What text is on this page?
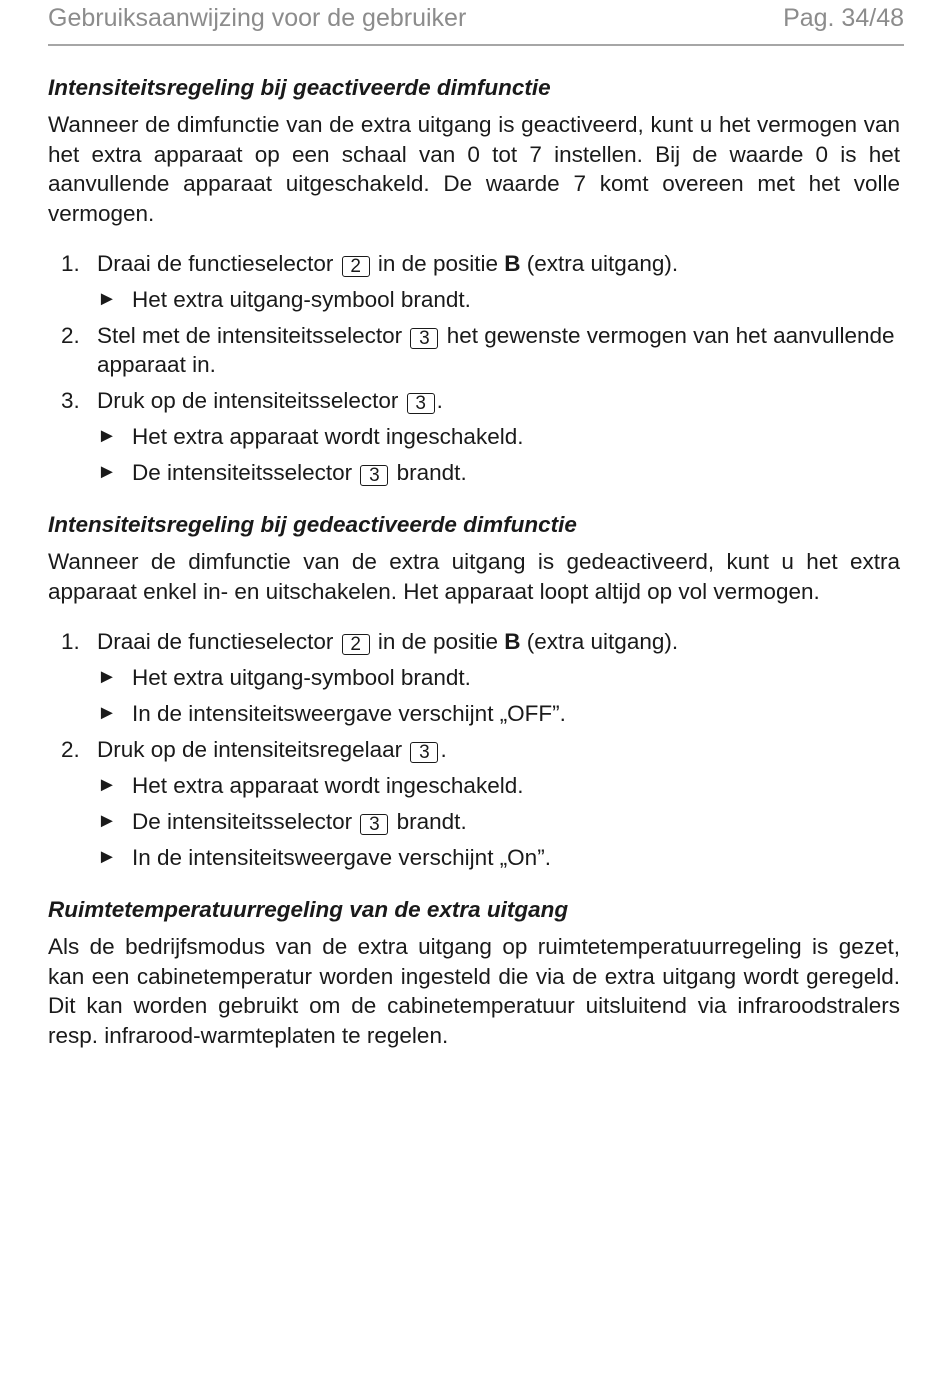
Gebruiksaanwijzing voor de gebruiker	Pag. 34/48
Intensiteitsregeling bij geactiveerde dimfunctie

Wanneer de dimfunctie van de extra uitgang is geactiveerd, kunt u het vermogen van het extra apparaat op een schaal van 0 tot 7 instellen. Bij de waarde 0 is het aanvullende apparaat uitgeschakeld. De waarde 7 komt overeen met het volle vermogen.

1. Draai de functieselector 2 in de positie B (extra uitgang).
► Het extra uitgang-symbool brandt.
2. Stel met de intensiteitsselector 3 het gewenste vermogen van het aanvullende apparaat in.
3. Druk op de intensiteitsselector 3 .
► Het extra apparaat wordt ingeschakeld.
► De intensiteitsselector 3 brandt.
Intensiteitsregeling bij gedeactiveerde dimfunctie

Wanneer de dimfunctie van de extra uitgang is gedeactiveerd, kunt u het extra apparaat enkel in- en uitschakelen. Het apparaat loopt altijd op vol vermogen.

1. Draai de functieselector 2 in de positie B (extra uitgang).
► Het extra uitgang-symbool brandt.
► In de intensiteitsweergave verschijnt „OFF”.
2. Druk op de intensiteitsregelaar 3 .
► Het extra apparaat wordt ingeschakeld.
► De intensiteitsselector 3 brandt.
► In de intensiteitsweergave verschijnt „On”.
Ruimtetemperatuurregeling van de extra uitgang

Als de bedrijfsmodus van de extra uitgang op ruimtetemperatuurregeling is gezet, kan een cabinetemperatur worden ingesteld die via de extra uitgang wordt geregeld. Dit kan worden gebruikt om de cabinetemperatuur uitsluitend via infraroodstralers resp. infrarood-warmteplaten te regelen.
